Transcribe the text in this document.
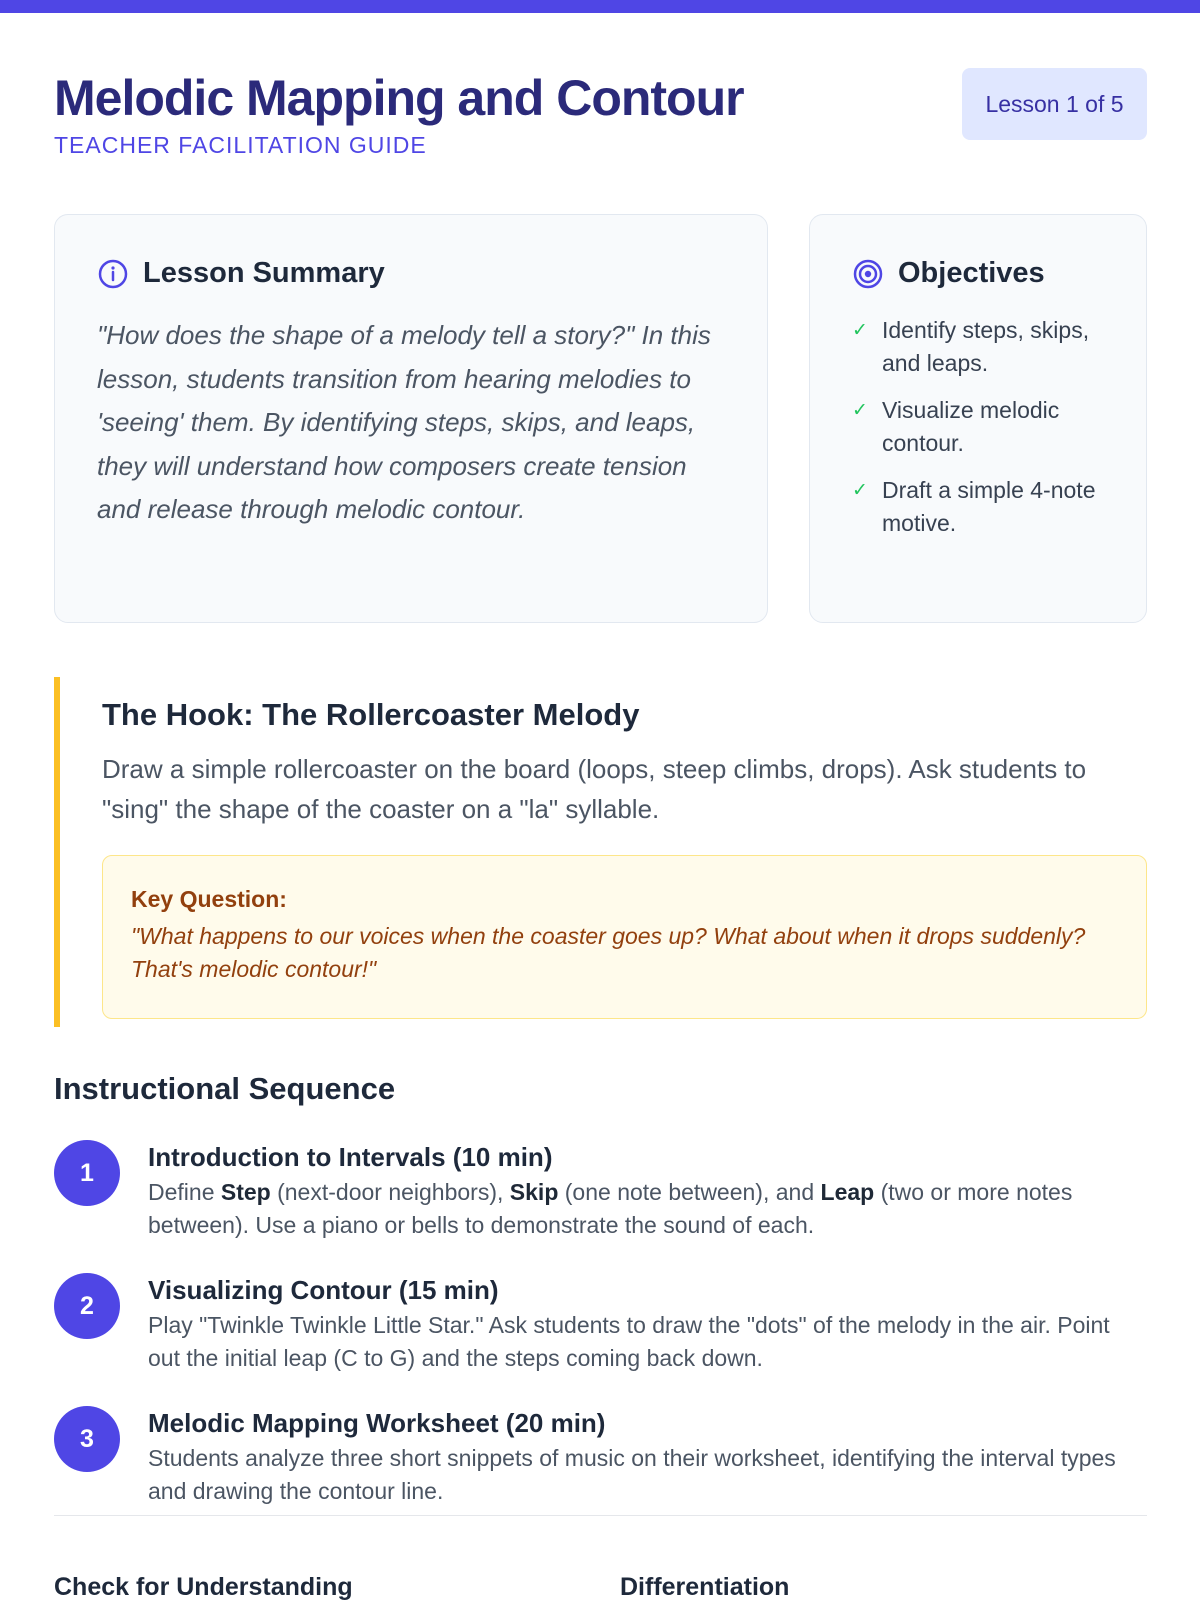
Melodic Mapping and Contour
TEACHER FACILITATION GUIDE
Lesson 1 of 5
Lesson Summary

"How does the shape of a melody tell a story?" In this lesson, students transition from hearing melodies to 'seeing' them. By identifying steps, skips, and leaps, they will understand how composers create tension and release through melodic contour.

Objectives
✓ Identify steps, skips, and leaps.
✓ Visualize melodic contour.
✓ Draft a simple 4-note motive.
The Hook: The Rollercoaster Melody

Draw a simple rollercoaster on the board (loops, steep climbs, drops). Ask students to "sing" the shape of the coaster on a "la" syllable.

Key Question:
"What happens to our voices when the coaster goes up? What about when it drops suddenly? That's melodic contour!"
Instructional Sequence
1
Introduction to Intervals (10 min)
Define Step (next-door neighbors), Skip (one note between), and Leap (two or more notes between). Use a piano or bells to demonstrate the sound of each.
2
Visualizing Contour (15 min)
Play "Twinkle Twinkle Little Star." Ask students to draw the "dots" of the melody in the air. Point out the initial leap (C to G) and the steps coming back down.
3
Melodic Mapping Worksheet (20 min)
Students analyze three short snippets of music on their worksheet, identifying the interval types and drawing the contour line.
Check for Understanding	Differentiation
